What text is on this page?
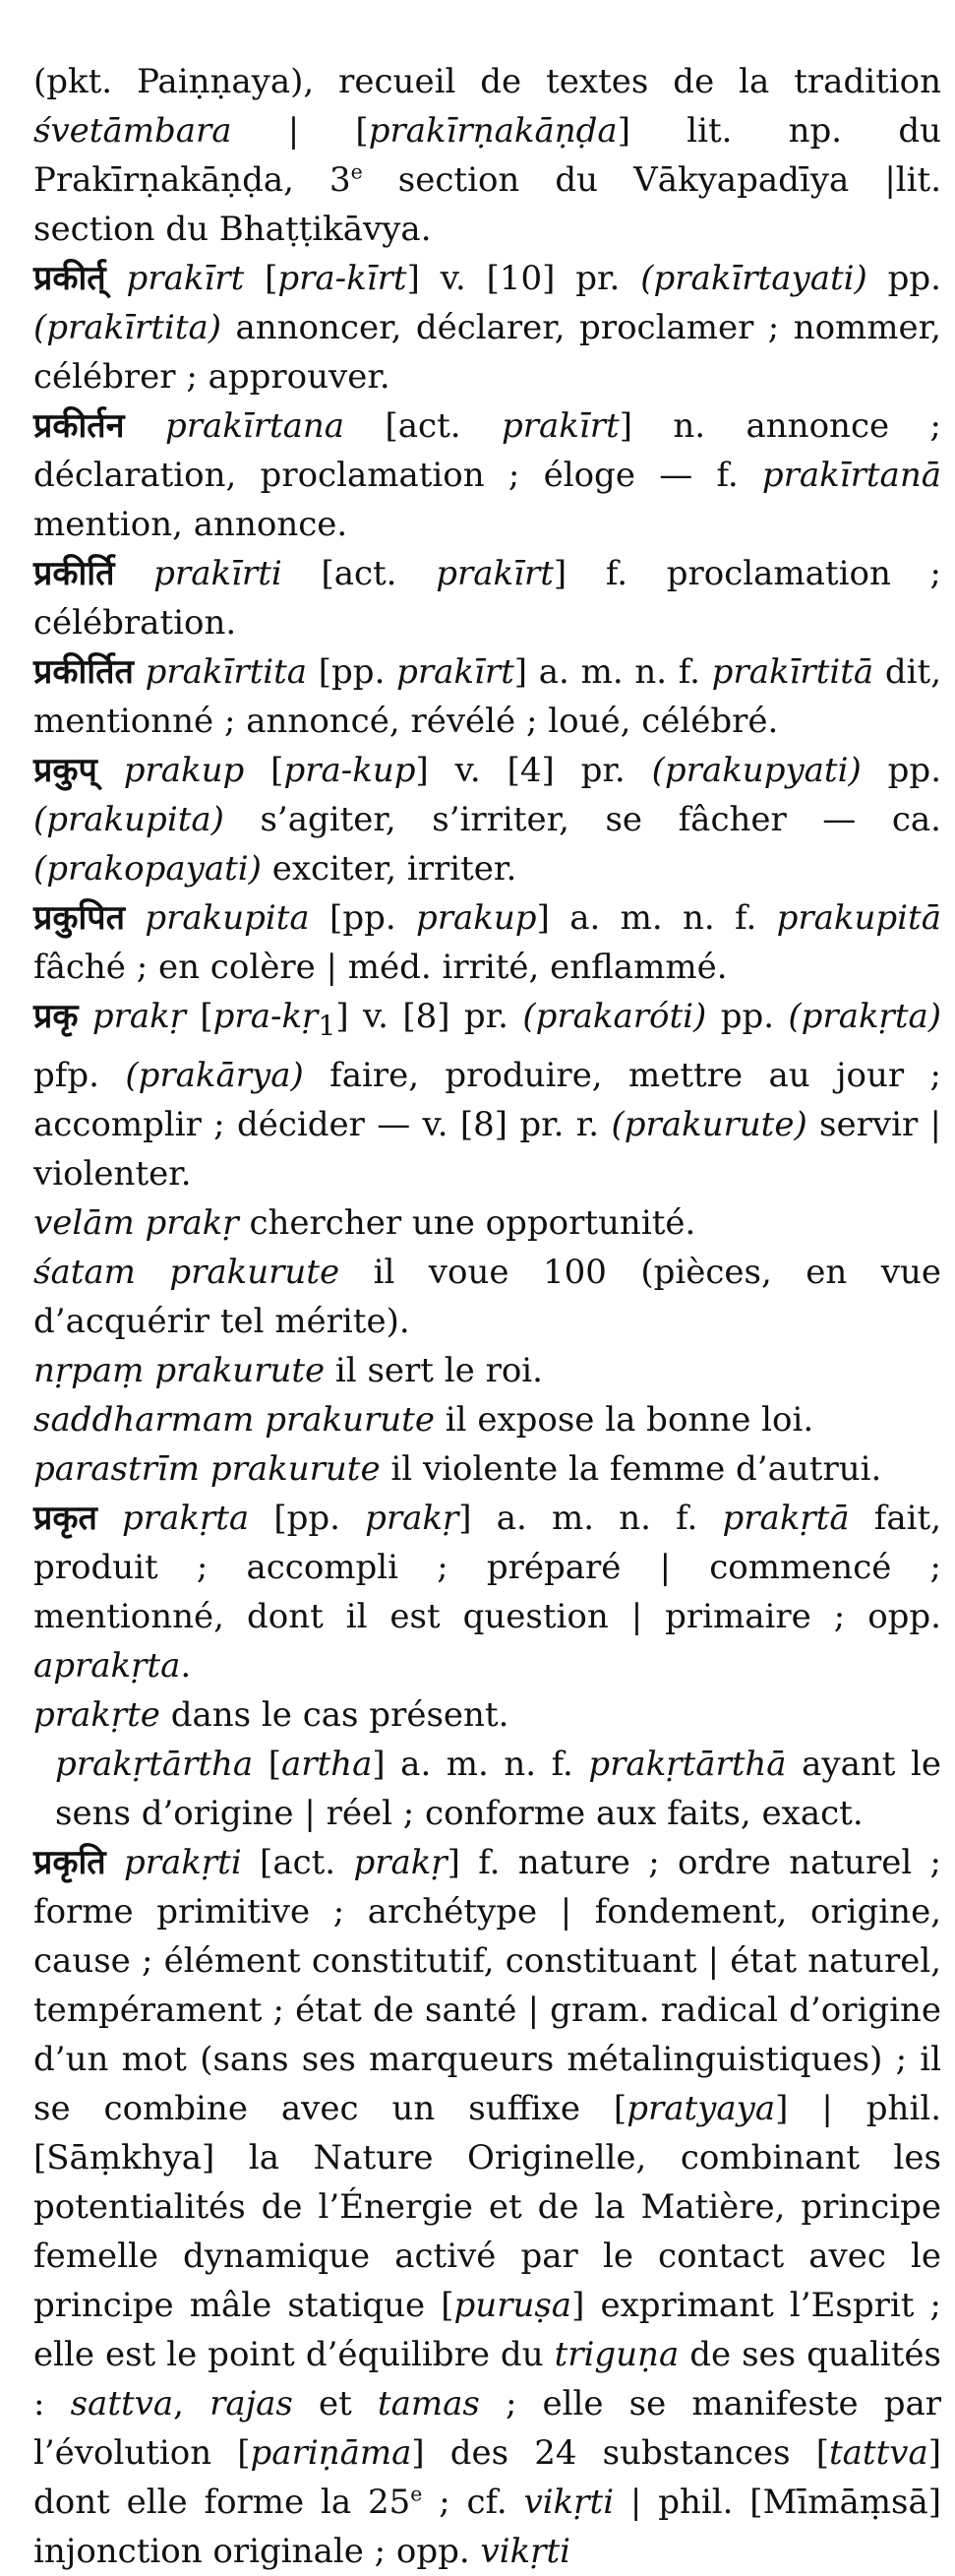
(pkt. Paiṇṇaya), recueil de textes de la tradition śvetāmbara | [prakīrṇakāṇḍa] lit. np. du Prakīrṇakāṇḍa, 3e section du Vākyapadīya |lit. section du Bhaṭṭikāvya.

प्रकीर्त् prakīrt [pra-kīrt] v. [10] pr. (prakīrtayati) pp. (prakīrtita) annoncer, déclarer, proclamer ; nommer, célébrer ; approuver.

प्रकीर्तन prakīrtana [act. prakīrt] n. annonce ; déclaration, proclamation ; éloge — f. prakīrtanā mention, annonce.

प्रकीर्ति prakīrti [act. prakīrt] f. proclamation ; célébration.

प्रकीर्तित prakīrtita [pp. prakīrt] a. m. n. f. prakīrtitā dit, mentionné ; annoncé, révélé ; loué, célébré.

प्रकुप् prakup [pra-kup] v. [4] pr. (prakupyati) pp. (prakupita) s’agiter, s’irriter, se fâcher — ca. (prakopayati) exciter, irriter.

प्रकुपित prakupita [pp. prakup] a. m. n. f. prakupitā fâché ; en colère | méd. irrité, enflammé.

प्रकृ prakṛ [pra-kṛ$_1$] v. [8] pr. (prakaróti) pp. (prakṛta) pfp. (prakārya) faire, produire, mettre au jour ; accomplir ; décider — v. [8] pr. r. (prakurute) servir | violenter.

velām prakṛ chercher une opportunité.

śatam prakurute il voue 100 (pièces, en vue d’acquérir tel mérite).

nṛpaṃ prakurute il sert le roi.

saddharmam prakurute il expose la bonne loi.

parastrīm prakurute il violente la femme d’autrui.

प्रकृत prakṛta [pp. prakṛ] a. m. n. f. prakṛtā fait, produit ; accompli ; préparé | commencé ; mentionné, dont il est question | primaire ; opp. aprakṛta.

prakṛte dans le cas présent.

prakṛtārtha [artha] a. m. n. f. prakṛtārthā ayant le sens d’origine | réel ; conforme aux faits, exact.

प्रकृति prakṛti [act. prakṛ] f. nature ; ordre naturel ; forme primitive ; archétype | fondement, origine, cause ; élément constitutif, constituant | état naturel, tempérament ; état de santé | gram. radical d’origine d’un mot (sans ses marqueurs métalinguistiques) ; il se combine avec un suffixe [pratyaya] | phil. [Sāṃkhya] la Nature Originelle, combinant les potentialités de l’Énergie et de la Matière, principe femelle dynamique activé par le contact avec le principe mâle statique [puruṣa] exprimant l’Esprit ; elle est le point d’équilibre du triguṇa de ses qualités : sattva, rajas et tamas ; elle se manifeste par l’évolution [pariṇāma] des 24 substances [tattva] dont elle forme la 25e ; cf. vikṛti | phil. [Mīmāṃsā] injonction originale ; opp. vikṛti
